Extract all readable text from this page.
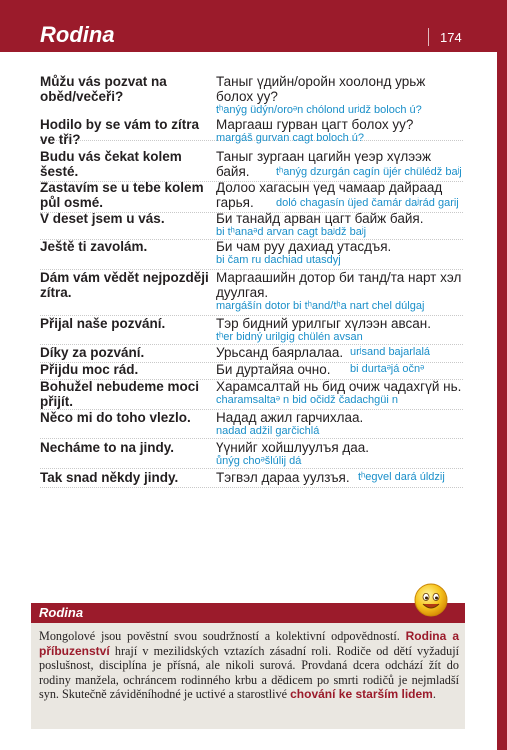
Rodina	174
Můžu vás pozvat na oběd/večeři?
Таныг үдийн/оройн хоолонд урьж болох уу?
tʰanýg üdýn/oroᵊn chólond urʲdž boloch ú?
Hodilo by se vám to zítra ve tři?
Маргааш гурван цагт болох уу?
margáš gurvan cagt boloch ú?
Budu vás čekat kolem šesté.
Таныг зургаан цагийн үеэр хүлээж байя.	tʰanýg dzurgán cagín üjér chülédž baʲj
Zastavím se u tebe kolem půl osmé.
Долоо хагасын үед чамаар дайраад гарья.	doló chagasín üjed čamár daʲrád garij
V deset jsem u vás.	Би танайд арван цагт байж байя.
bi tʰanaᵊd arvan cagt baʲdž baʲj
Ještě ti zavolám.	Би чам руу дахиад утасдъя.
bi čam ru dachiad utasdyj
Dám vám vědět nejpozději zítra.
Маргаашийн дотор би танд/та нарт хэл дуулгая.
margášín dotor bi tʰand/tʰa nart chel dúlgaj
Přijal naše pozvání.	Тэр бидний урилгыг хүлээн авсан.
tʰer bidný urilgig chülén avsan
Díky za pozvání.	Урьсанд баярлалаа. urʲsand bajarlalá
Přijdu moc rád.	Би дуртайяа очно.	bi durtaᵊjá očnᵊ
Bohužel nebudeme moci přijít.
Харамсалтай нь бид очиж чадахгүй нь.
charamsaltaᵊ n bid očidž čadachgüi n
Něco mi do toho vlezlo.	Надад ажил гарчихлаа.
nadad adžil garčichlá
Necháme to na jindy.	Үүнийг хойшлуулъя даа.
ůnýg choᵊšlúlij dá
Tak snad někdy jindy.	Тэгвэл дараа уулзъя. tʰegvel dará úldzij
Rodina
Mongolové jsou pověstní svou soudržností a kolektivní odpovědností. Rodina a příbuzenství hrají v mezilidských vztazích zásadní roli. Rodiče od dětí vyžadují poslušnost, disciplína je přísná, ale nikoli surová. Provdaná dcera odchází žít do rodiny manžela, ochráncem rodinného krbu a dědicem po smrti rodičů je nejmladší syn. Skutečně záviděníhodné je uctivé a starostlivé chování ke starším lidem.
